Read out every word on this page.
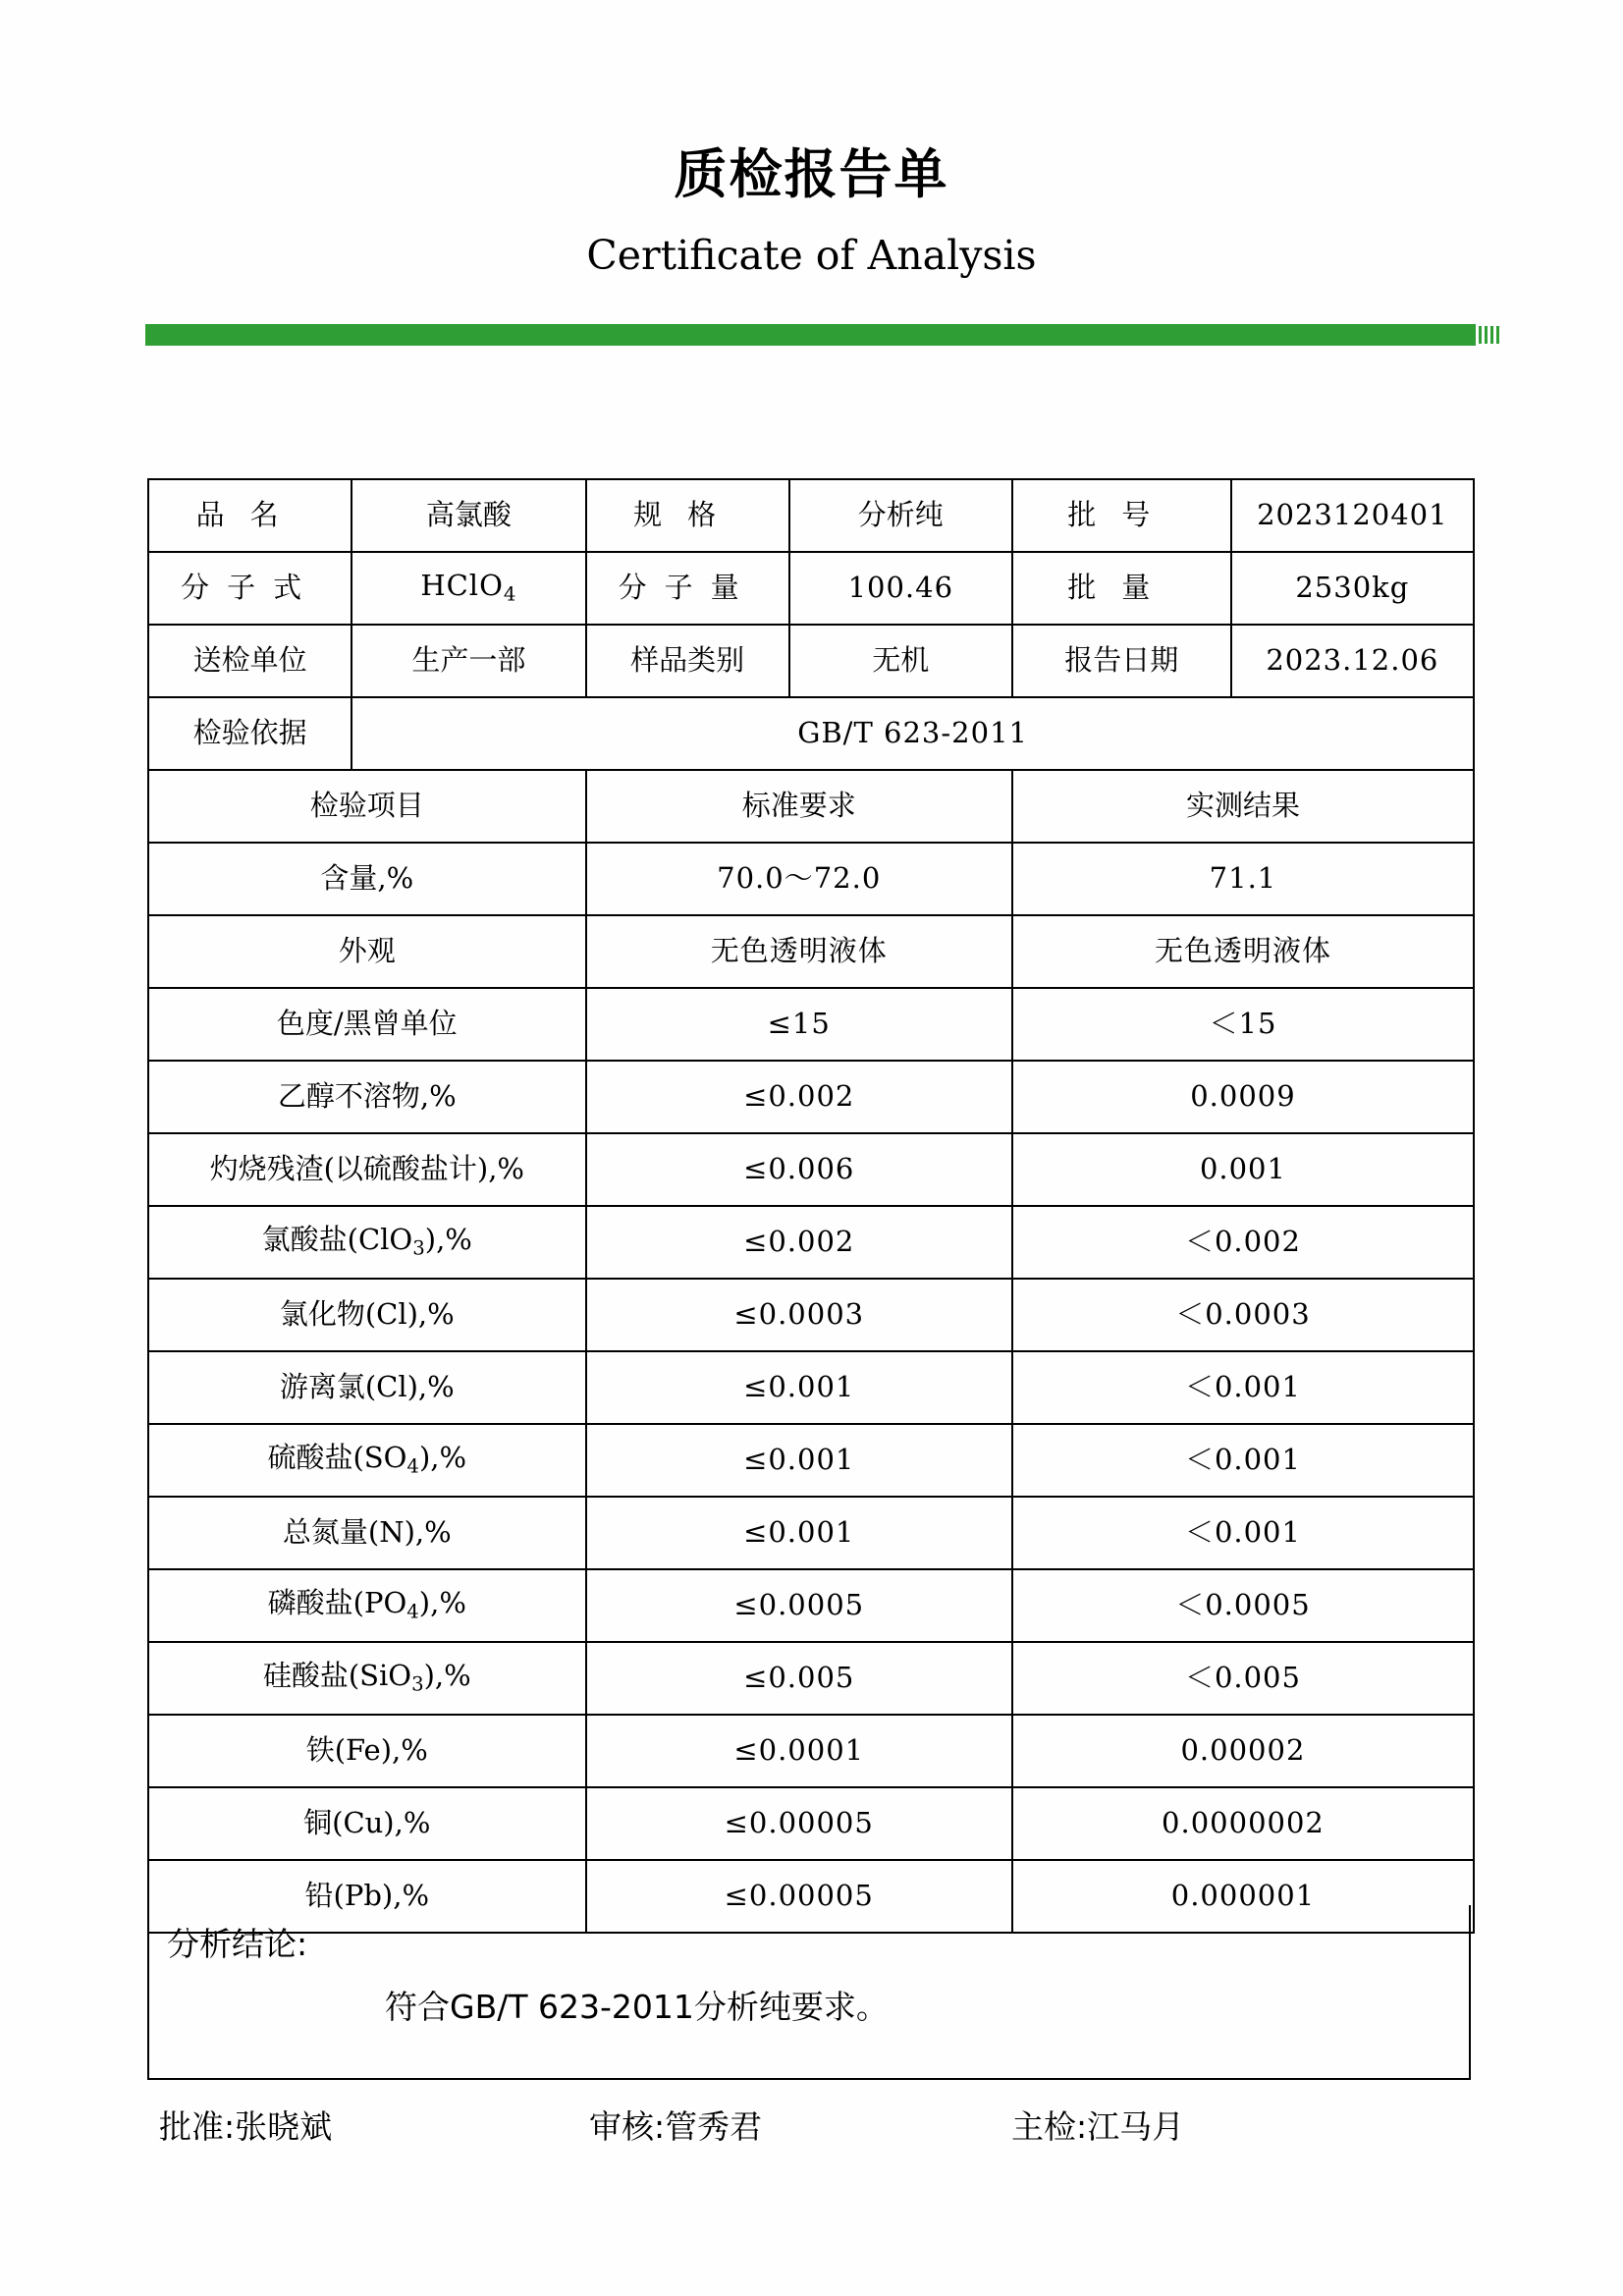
质检报告单
Certificate of Analysis
品名	高氯酸	规格	分析纯	批号	2023120401
分子式	HClO$_4$	分子量	100.46	批量	2530kg
送检单位	生产一部	样品类别	无机	报告日期	2023.12.06
检验依据	GB/T 623-2011				
检验项目		标准要求		实测结果	
含量,%		70.0～72.0		71.1	
外观		无色透明液体		无色透明液体	
色度/黑曾单位		≤15		＜15	
乙醇不溶物,%		≤0.002		0.0009	
灼烧残渣(以硫酸盐计),%		≤0.006		0.001	
氯酸盐(ClO$_3$),%		≤0.002		＜0.002	
氯化物(Cl),%		≤0.0003		＜0.0003	
游离氯(Cl),%		≤0.001		＜0.001	
硫酸盐$(SO_4),\%$		≤0.001		＜0.001	
总氮量(N),%		≤0.001		＜0.001	
磷酸盐$(PO_4),\%$		≤0.0005		＜0.0005	
硅酸盐(SiO$_3$),%		≤0.005		＜0.005	
铁(Fe),%		≤0.0001		0.00002	
铜(Cu),%		≤0.00005		0.0000002	
铅(Pb),%		≤0.00005		0.000001	
分析结论:
符合GB/T 623-2011分析纯要求。
批准:张晓斌	审核:管秀君	主检:江马月
